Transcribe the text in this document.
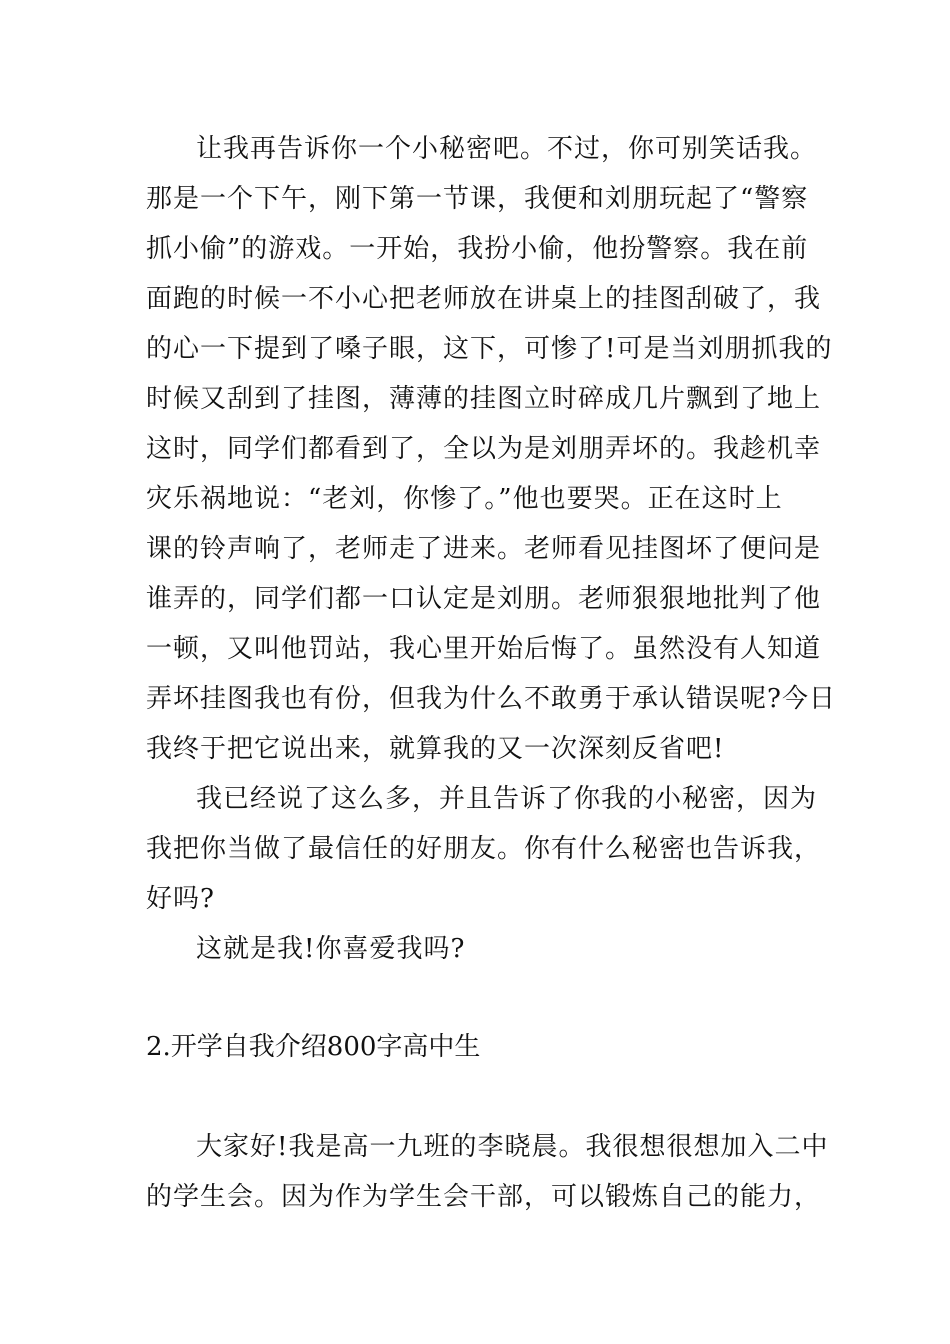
让我再告诉你一个小秘密吧。不过，你可别笑话我。
那是一个下午，刚下第一节课，我便和刘朋玩起了“警察
抓小偷”的游戏。一开始，我扮小偷，他扮警察。我在前
面跑的时候一不小心把老师放在讲桌上的挂图刮破了，我
的心一下提到了嗓子眼，这下，可惨了!可是当刘朋抓我的
时候又刮到了挂图，薄薄的挂图立时碎成几片飘到了地上
这时，同学们都看到了，全以为是刘朋弄坏的。我趁机幸
灾乐祸地说：“老刘，你惨了。”他也要哭。正在这时上
课的铃声响了，老师走了进来。老师看见挂图坏了便问是
谁弄的，同学们都一口认定是刘朋。老师狠狠地批判了他
一顿，又叫他罚站，我心里开始后悔了。虽然没有人知道
弄坏挂图我也有份，但我为什么不敢勇于承认错误呢?今日
我终于把它说出来，就算我的又一次深刻反省吧!
我已经说了这么多，并且告诉了你我的小秘密，因为
我把你当做了最信任的好朋友。你有什么秘密也告诉我，
好吗?
这就是我!你喜爱我吗?
2.开学自我介绍800字高中生
大家好!我是高一九班的李晓晨。我很想很想加入二中
的学生会。因为作为学生会干部，可以锻炼自己的能力，
